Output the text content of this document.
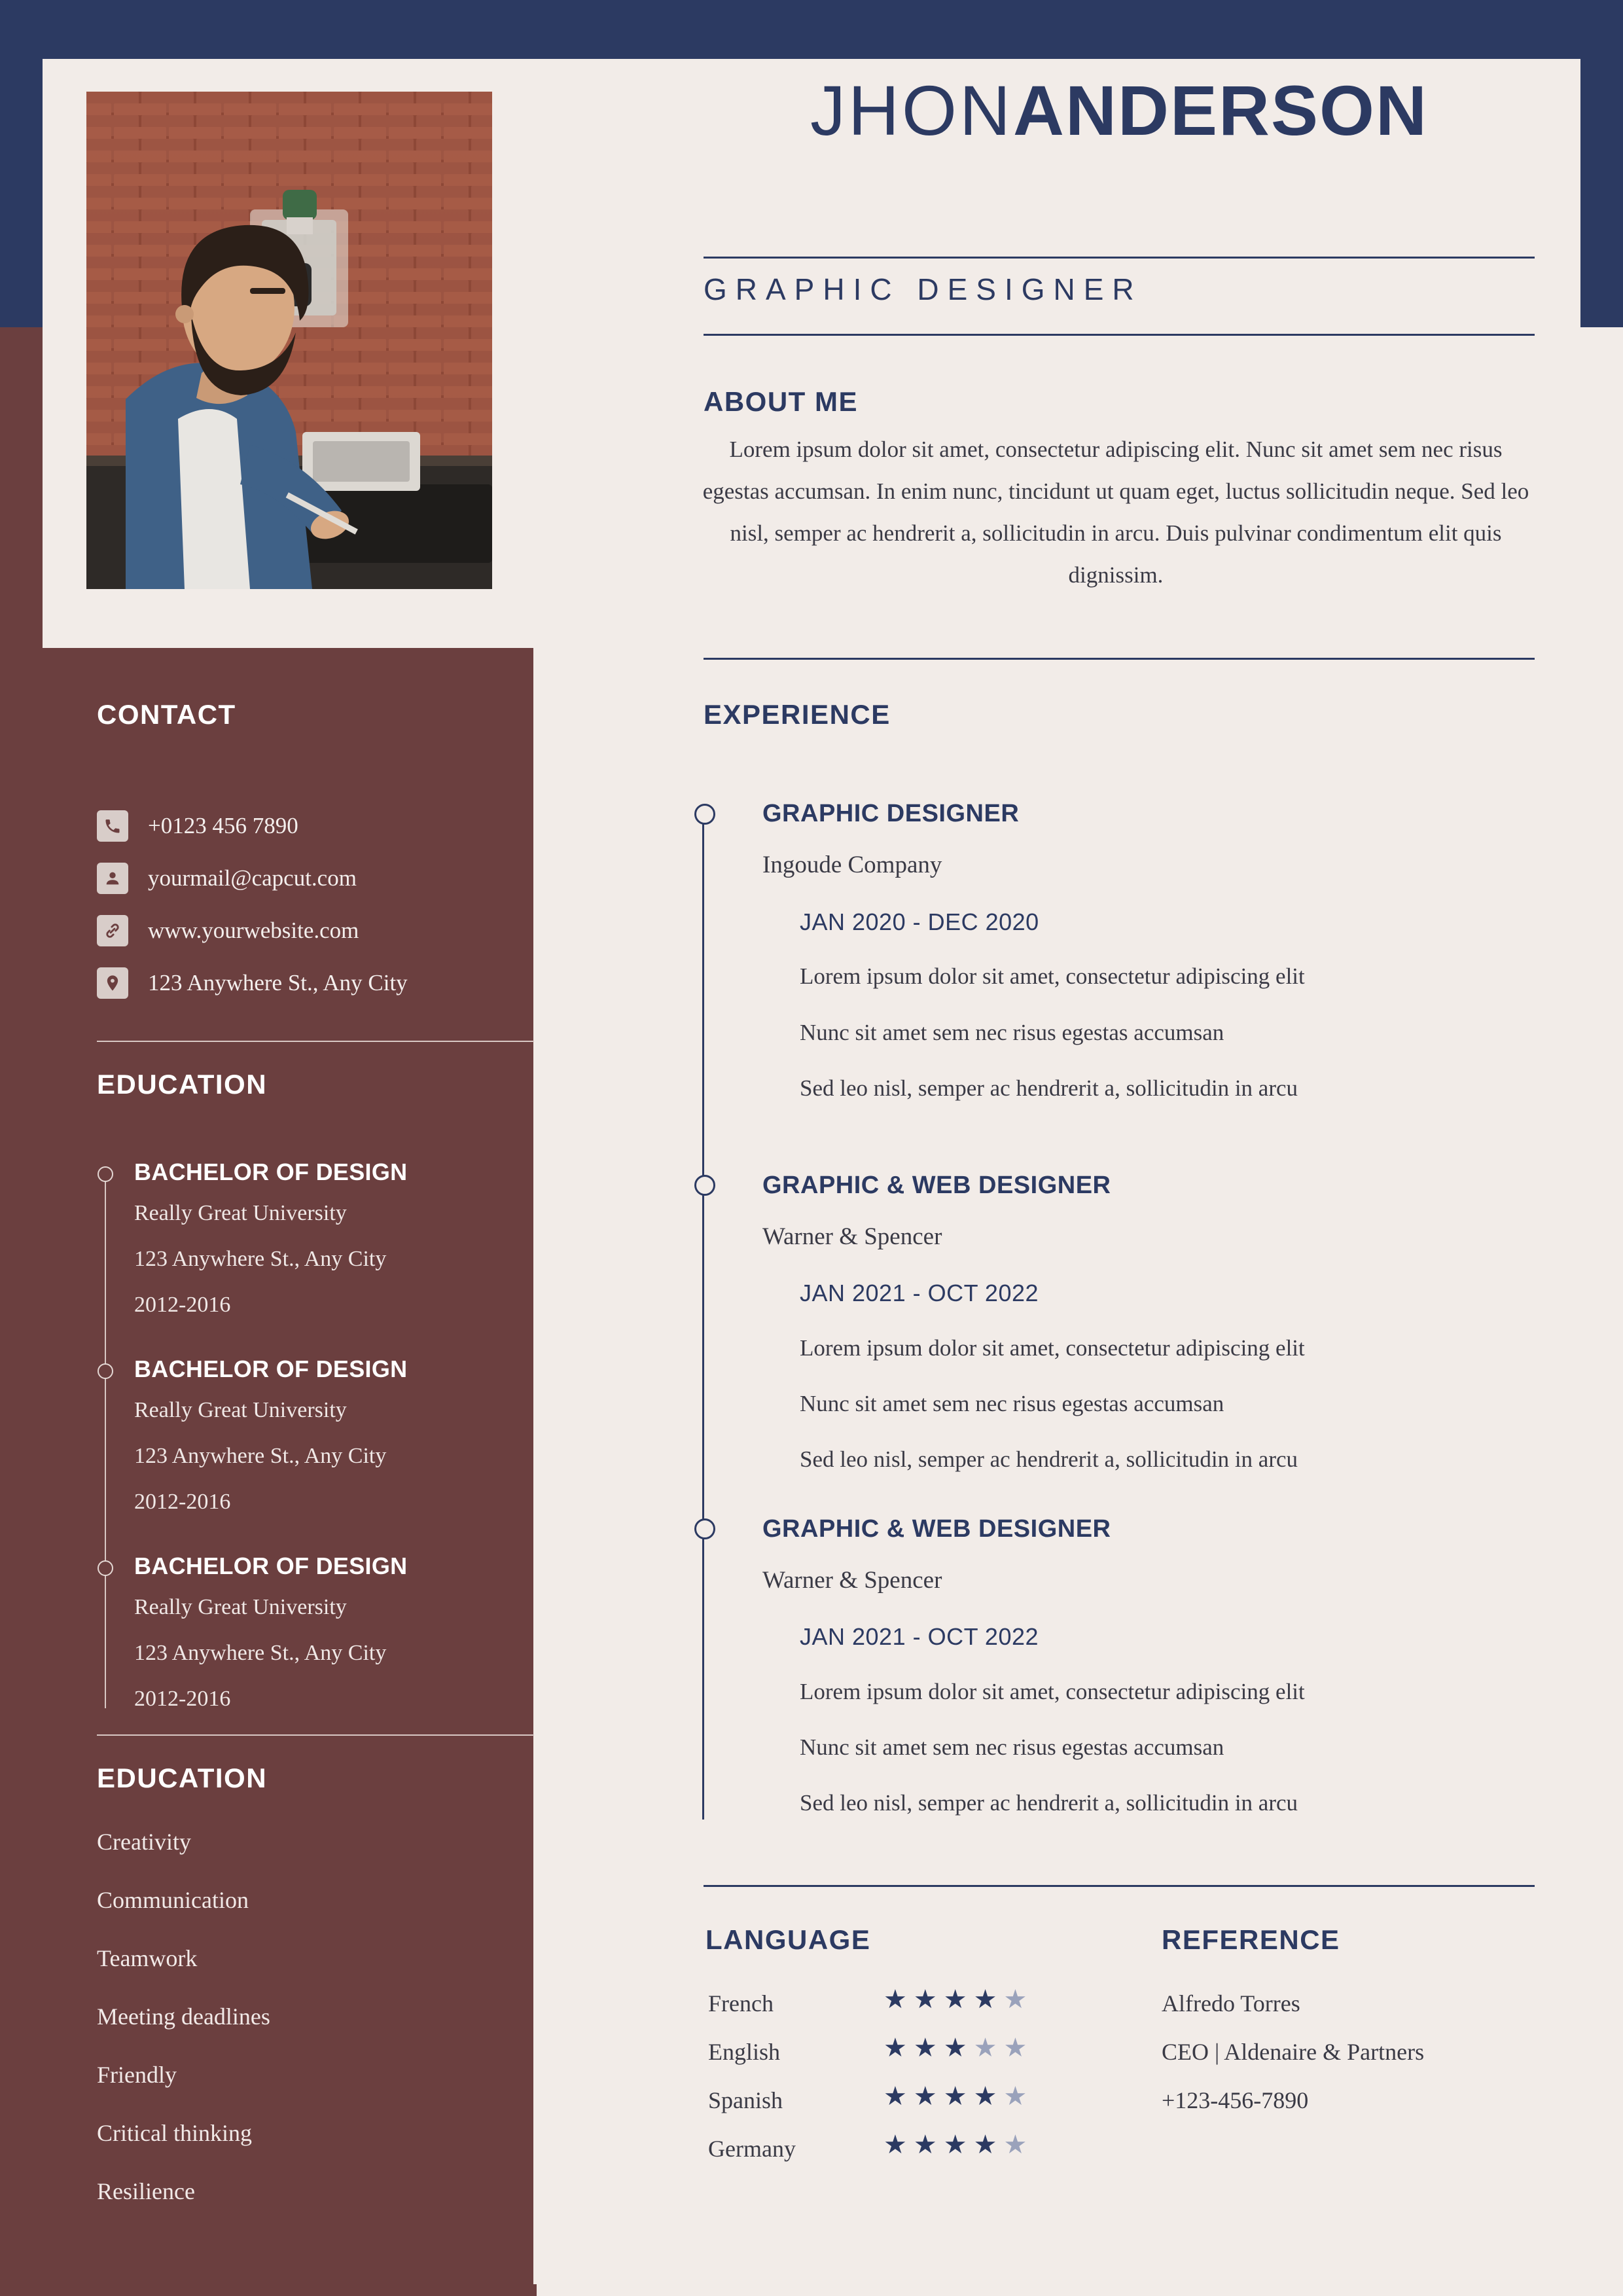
JHONANDERSON
GRAPHIC DESIGNER
ABOUT ME
Lorem ipsum dolor sit amet, consectetur adipiscing elit. Nunc sit amet sem nec risus egestas accumsan. In enim nunc, tincidunt ut quam eget, luctus sollicitudin neque. Sed leo nisl, semper ac hendrerit a, sollicitudin in arcu. Duis pulvinar condimentum elit quis dignissim.
EXPERIENCE
GRAPHIC DESIGNER
Ingoude Company
JAN 2020 - DEC 2020
Lorem ipsum dolor sit amet, consectetur adipiscing elit
Nunc sit amet sem nec risus egestas accumsan
Sed leo nisl, semper ac hendrerit a, sollicitudin in arcu
GRAPHIC & WEB DESIGNER
Warner & Spencer
JAN 2021 - OCT 2022
Lorem ipsum dolor sit amet, consectetur adipiscing elit
Nunc sit amet sem nec risus egestas accumsan
Sed leo nisl, semper ac hendrerit a, sollicitudin in arcu
GRAPHIC & WEB DESIGNER
Warner & Spencer
JAN 2021 - OCT 2022
Lorem ipsum dolor sit amet, consectetur adipiscing elit
Nunc sit amet sem nec risus egestas accumsan
Sed leo nisl, semper ac hendrerit a, sollicitudin in arcu
LANGUAGE
French	★★★★★
English	★★★★★
Spanish	★★★★★
Germany	★★★★★
REFERENCE
Alfredo Torres
CEO | Aldenaire & Partners
+123-456-7890
CONTACT
+0123 456 7890
yourmail@capcut.com
www.yourwebsite.com
123 Anywhere St., Any City
EDUCATION
BACHELOR OF DESIGN
Really Great University
123 Anywhere St., Any City
2012-2016
BACHELOR OF DESIGN
Really Great University
123 Anywhere St., Any City
2012-2016
BACHELOR OF DESIGN
Really Great University
123 Anywhere St., Any City
2012-2016
EDUCATION
Creativity
Communication
Teamwork
Meeting deadlines
Friendly
Critical thinking
Resilience
